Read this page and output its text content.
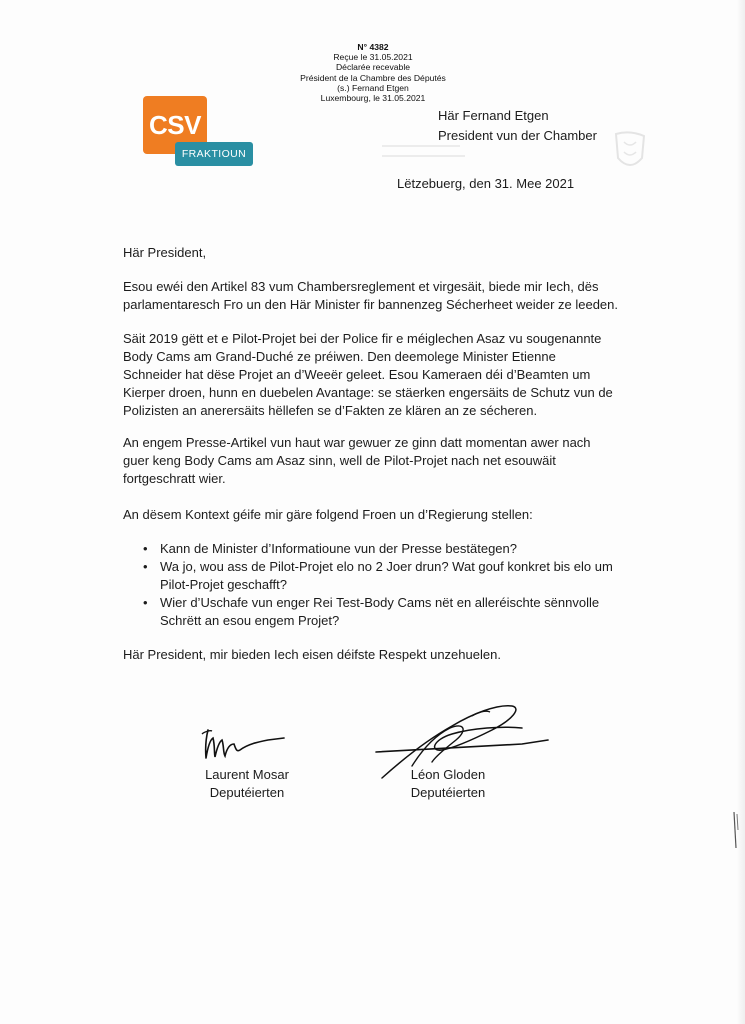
N° 4382
Reçue le 31.05.2021
Déclarée recevable
Président de la Chambre des Députés
(s.) Fernand Etgen
Luxembourg, le 31.05.2021
CSV
FRAKTIOUN
Här Fernand Etgen
President vun der Chamber
Lëtzebuerg, den 31. Mee 2021

Här President,

Esou ewéi den Artikel 83 vum Chambersreglement et virgesäit, biede mir Iech, dës
parlamentaresch Fro un den Här Minister fir bannenzeg Sécherheet weider ze leeden.

Säit 2019 gëtt et e Pilot-Projet bei der Police fir e méiglechen Asaz vu sougenannte
Body Cams am Grand-Duché ze préiwen. Den deemolege Minister Etienne
Schneider hat dëse Projet an d’Weeër geleet. Esou Kameraen déi d’Beamten um
Kierper droen, hunn en duebelen Avantage: se stäerken engersäits de Schutz vun de
Polizisten an anerersäits hëllefen se d’Fakten ze klären an ze sécheren.

An engem Presse-Artikel vun haut war gewuer ze ginn datt momentan awer nach
guer keng Body Cams am Asaz sinn, well de Pilot-Projet nach net esouwäit
fortgeschratt wier.

An dësem Kontext géife mir gäre folgend Froen un d’Regierung stellen:

• Kann de Minister d’Informatioune vun der Presse bestätegen?
• Wa jo, wou ass de Pilot-Projet elo no 2 Joer drun? Wat gouf konkret bis elo um
Pilot-Projet geschafft?
• Wier d’Uschafe vun enger Rei Test-Body Cams nët en alleréischte sënnvolle
Schrëtt an esou engem Projet?

Här President, mir bieden Iech eisen déifste Respekt unzehuelen.

Laurent Mosar
Deputéierten
Léon Gloden
Deputéierten
